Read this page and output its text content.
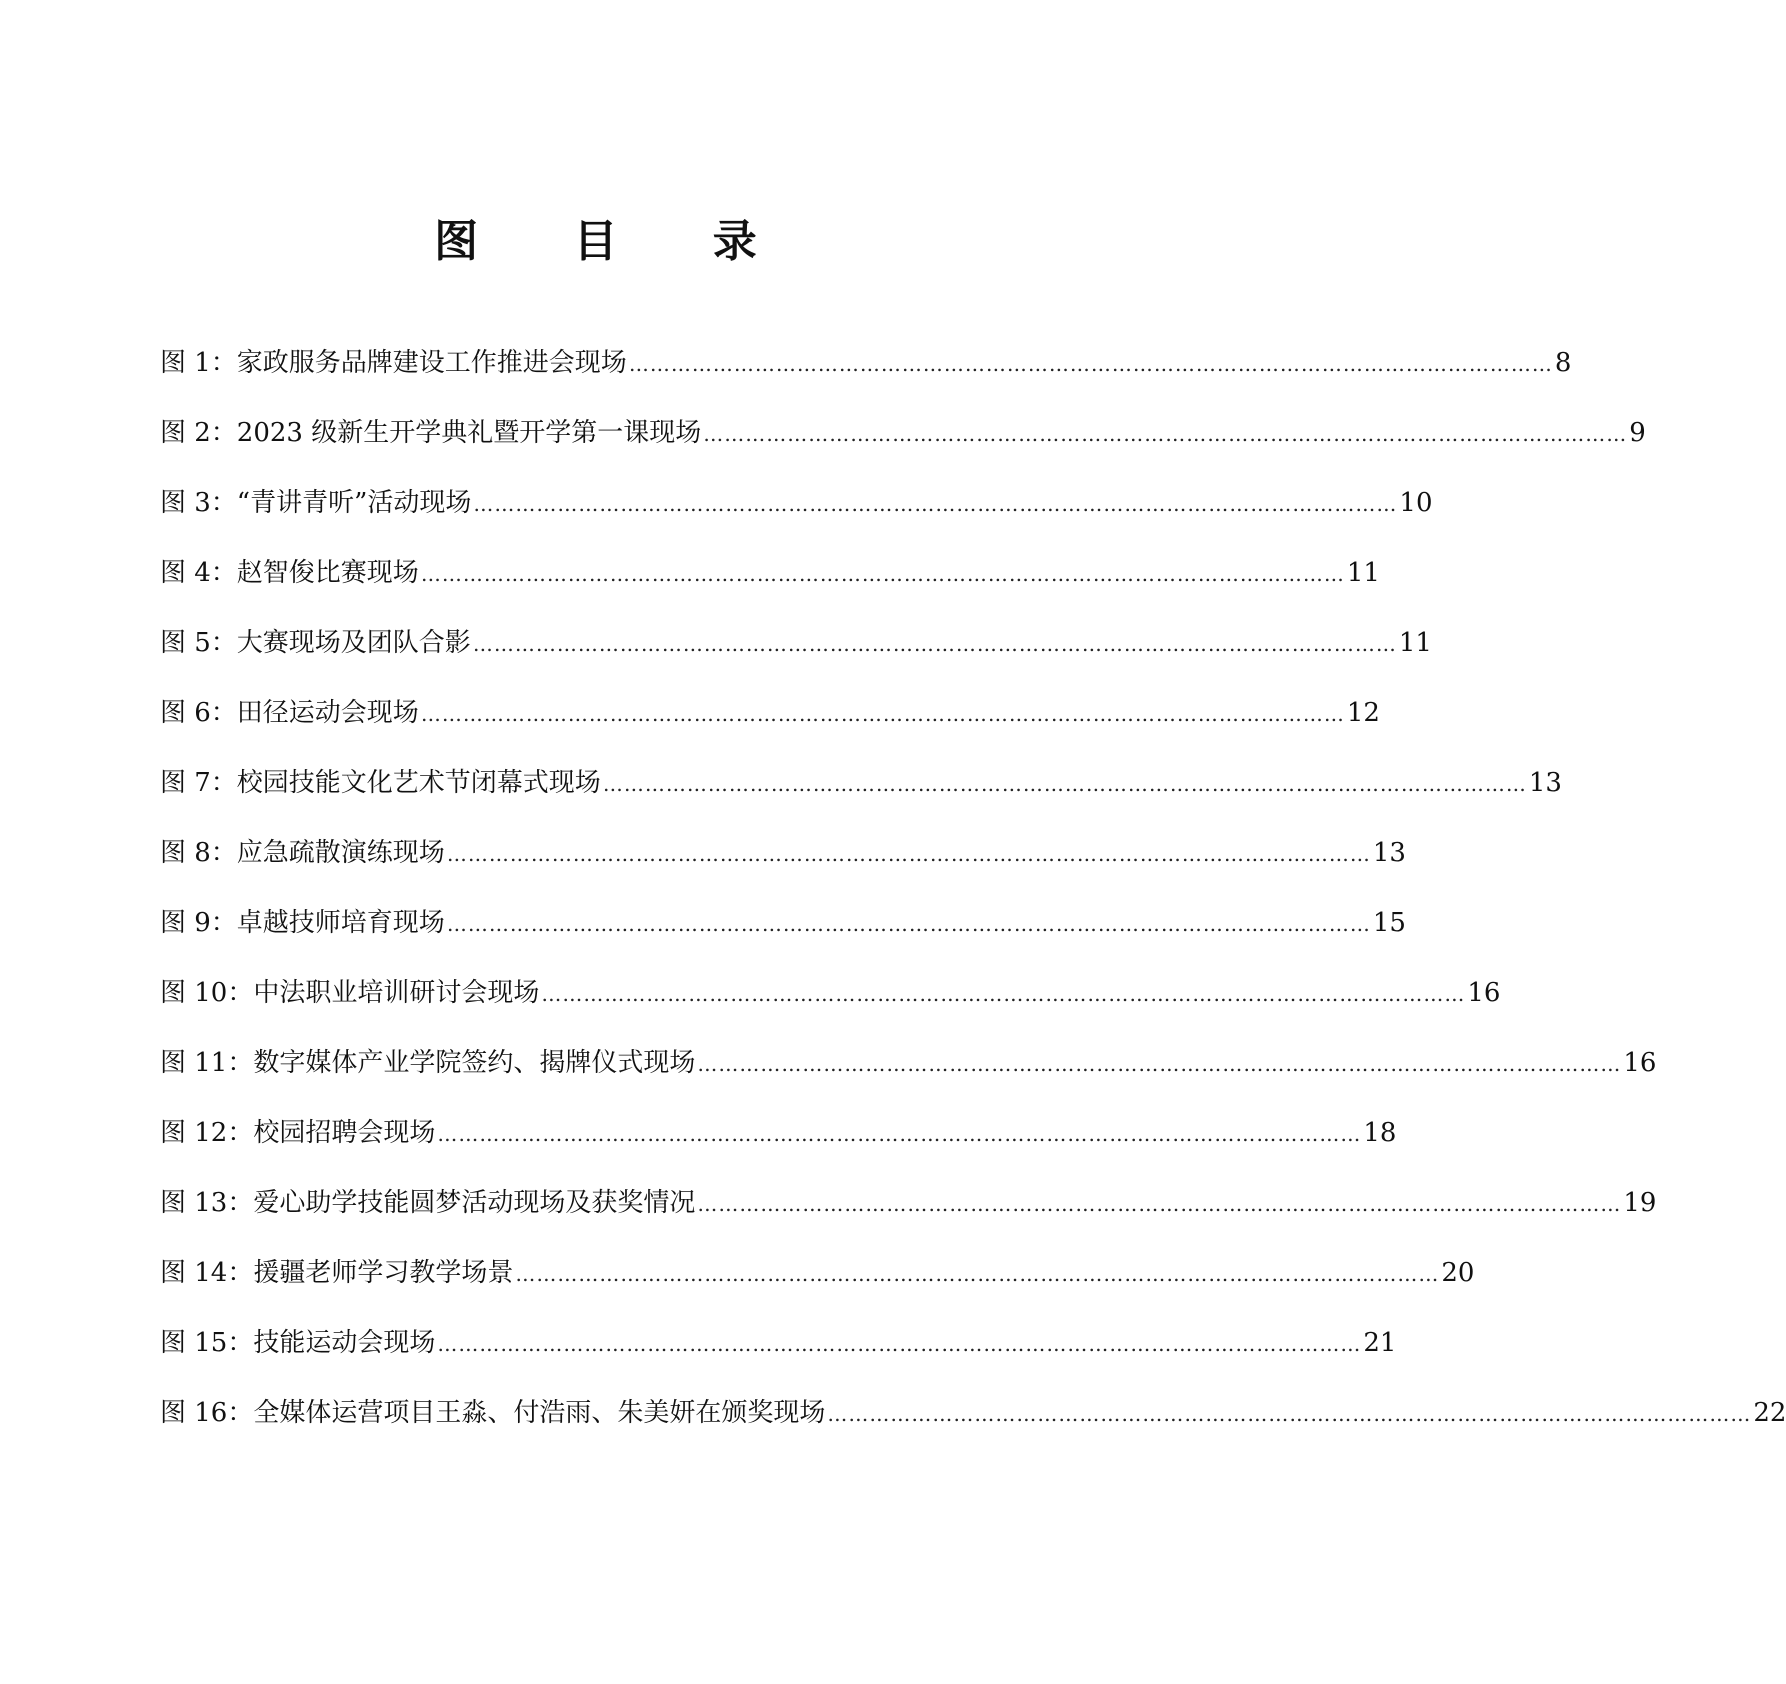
图 目 录
图 1：家政服务品牌建设工作推进会现场 …………………………………………………………………………………………………………………… 8
图 2：2023 级新生开学典礼暨开学第一课现场 …………………………………………………………………………………………………………………… 9
图 3：“青讲青听”活动现场 …………………………………………………………………………………………………………………… 10
图 4：赵智俊比赛现场 …………………………………………………………………………………………………………………… 11
图 5：大赛现场及团队合影 …………………………………………………………………………………………………………………… 11
图 6：田径运动会现场 …………………………………………………………………………………………………………………… 12
图 7：校园技能文化艺术节闭幕式现场 …………………………………………………………………………………………………………………… 13
图 8：应急疏散演练现场 …………………………………………………………………………………………………………………… 13
图 9：卓越技师培育现场 …………………………………………………………………………………………………………………… 15
图 10：中法职业培训研讨会现场 …………………………………………………………………………………………………………………… 16
图 11：数字媒体产业学院签约、揭牌仪式现场 …………………………………………………………………………………………………………………… 16
图 12：校园招聘会现场 …………………………………………………………………………………………………………………… 18
图 13：爱心助学技能圆梦活动现场及获奖情况 …………………………………………………………………………………………………………………… 19
图 14：援疆老师学习教学场景 …………………………………………………………………………………………………………………… 20
图 15：技能运动会现场 …………………………………………………………………………………………………………………… 21
图 16：全媒体运营项目王淼、付浩雨、朱美妍在颁奖现场 …………………………………………………………………………………………………………………… 22
